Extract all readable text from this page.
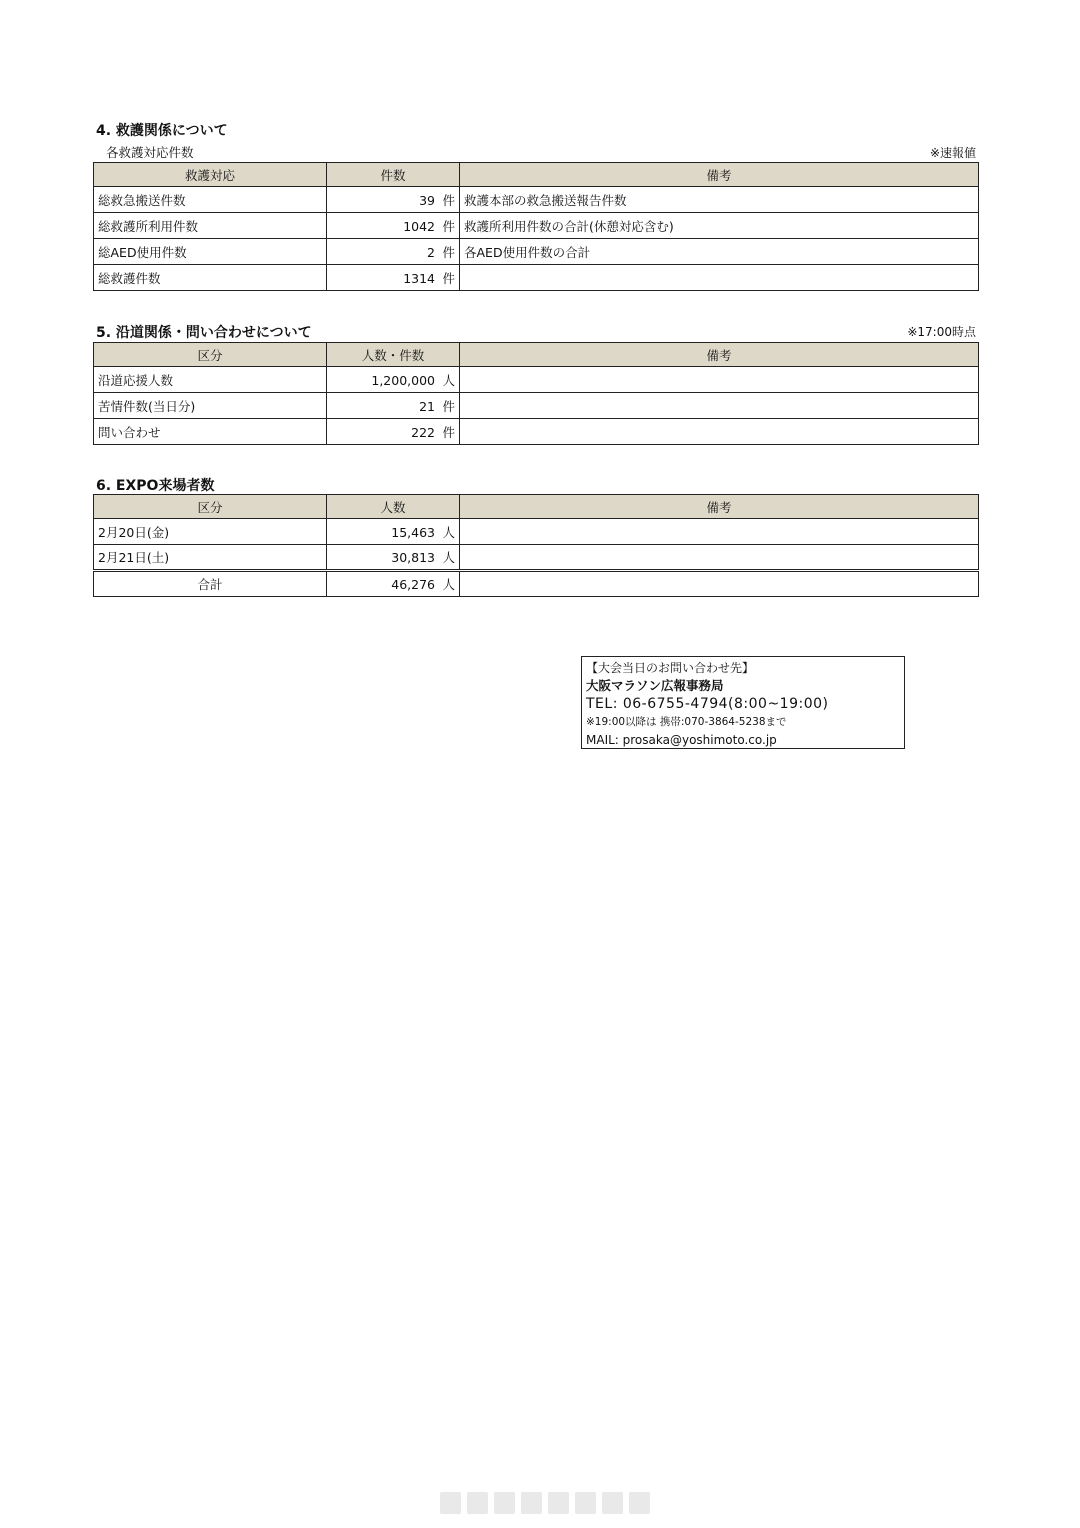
4. 救護関係について
各救護対応件数	※速報値
救護対応	件数	備考
総救急搬送件数	39 件	救護本部の救急搬送報告件数
総救護所利用件数	1042 件	救護所利用件数の合計(休憩対応含む)
総AED使用件数	2 件	各AED使用件数の合計
総救護件数	1314 件	
5. 沿道関係・問い合わせについて	※17:00時点
区分	人数・件数	備考
沿道応援人数	1,200,000 人	
苦情件数(当日分)	21 件	
問い合わせ	222 件	
6. EXPO来場者数
区分	人数	備考
2月20日(金)	15,463 人	
2月21日(土)	30,813 人	
合計	46,276 人	
【大会当日のお問い合わせ先】
大阪マラソン広報事務局
TEL: 06-6755-4794(8:00~19:00)
※19:00以降は 携帯:070-3864-5238まで
MAIL: prosaka@yoshimoto.co.jp
